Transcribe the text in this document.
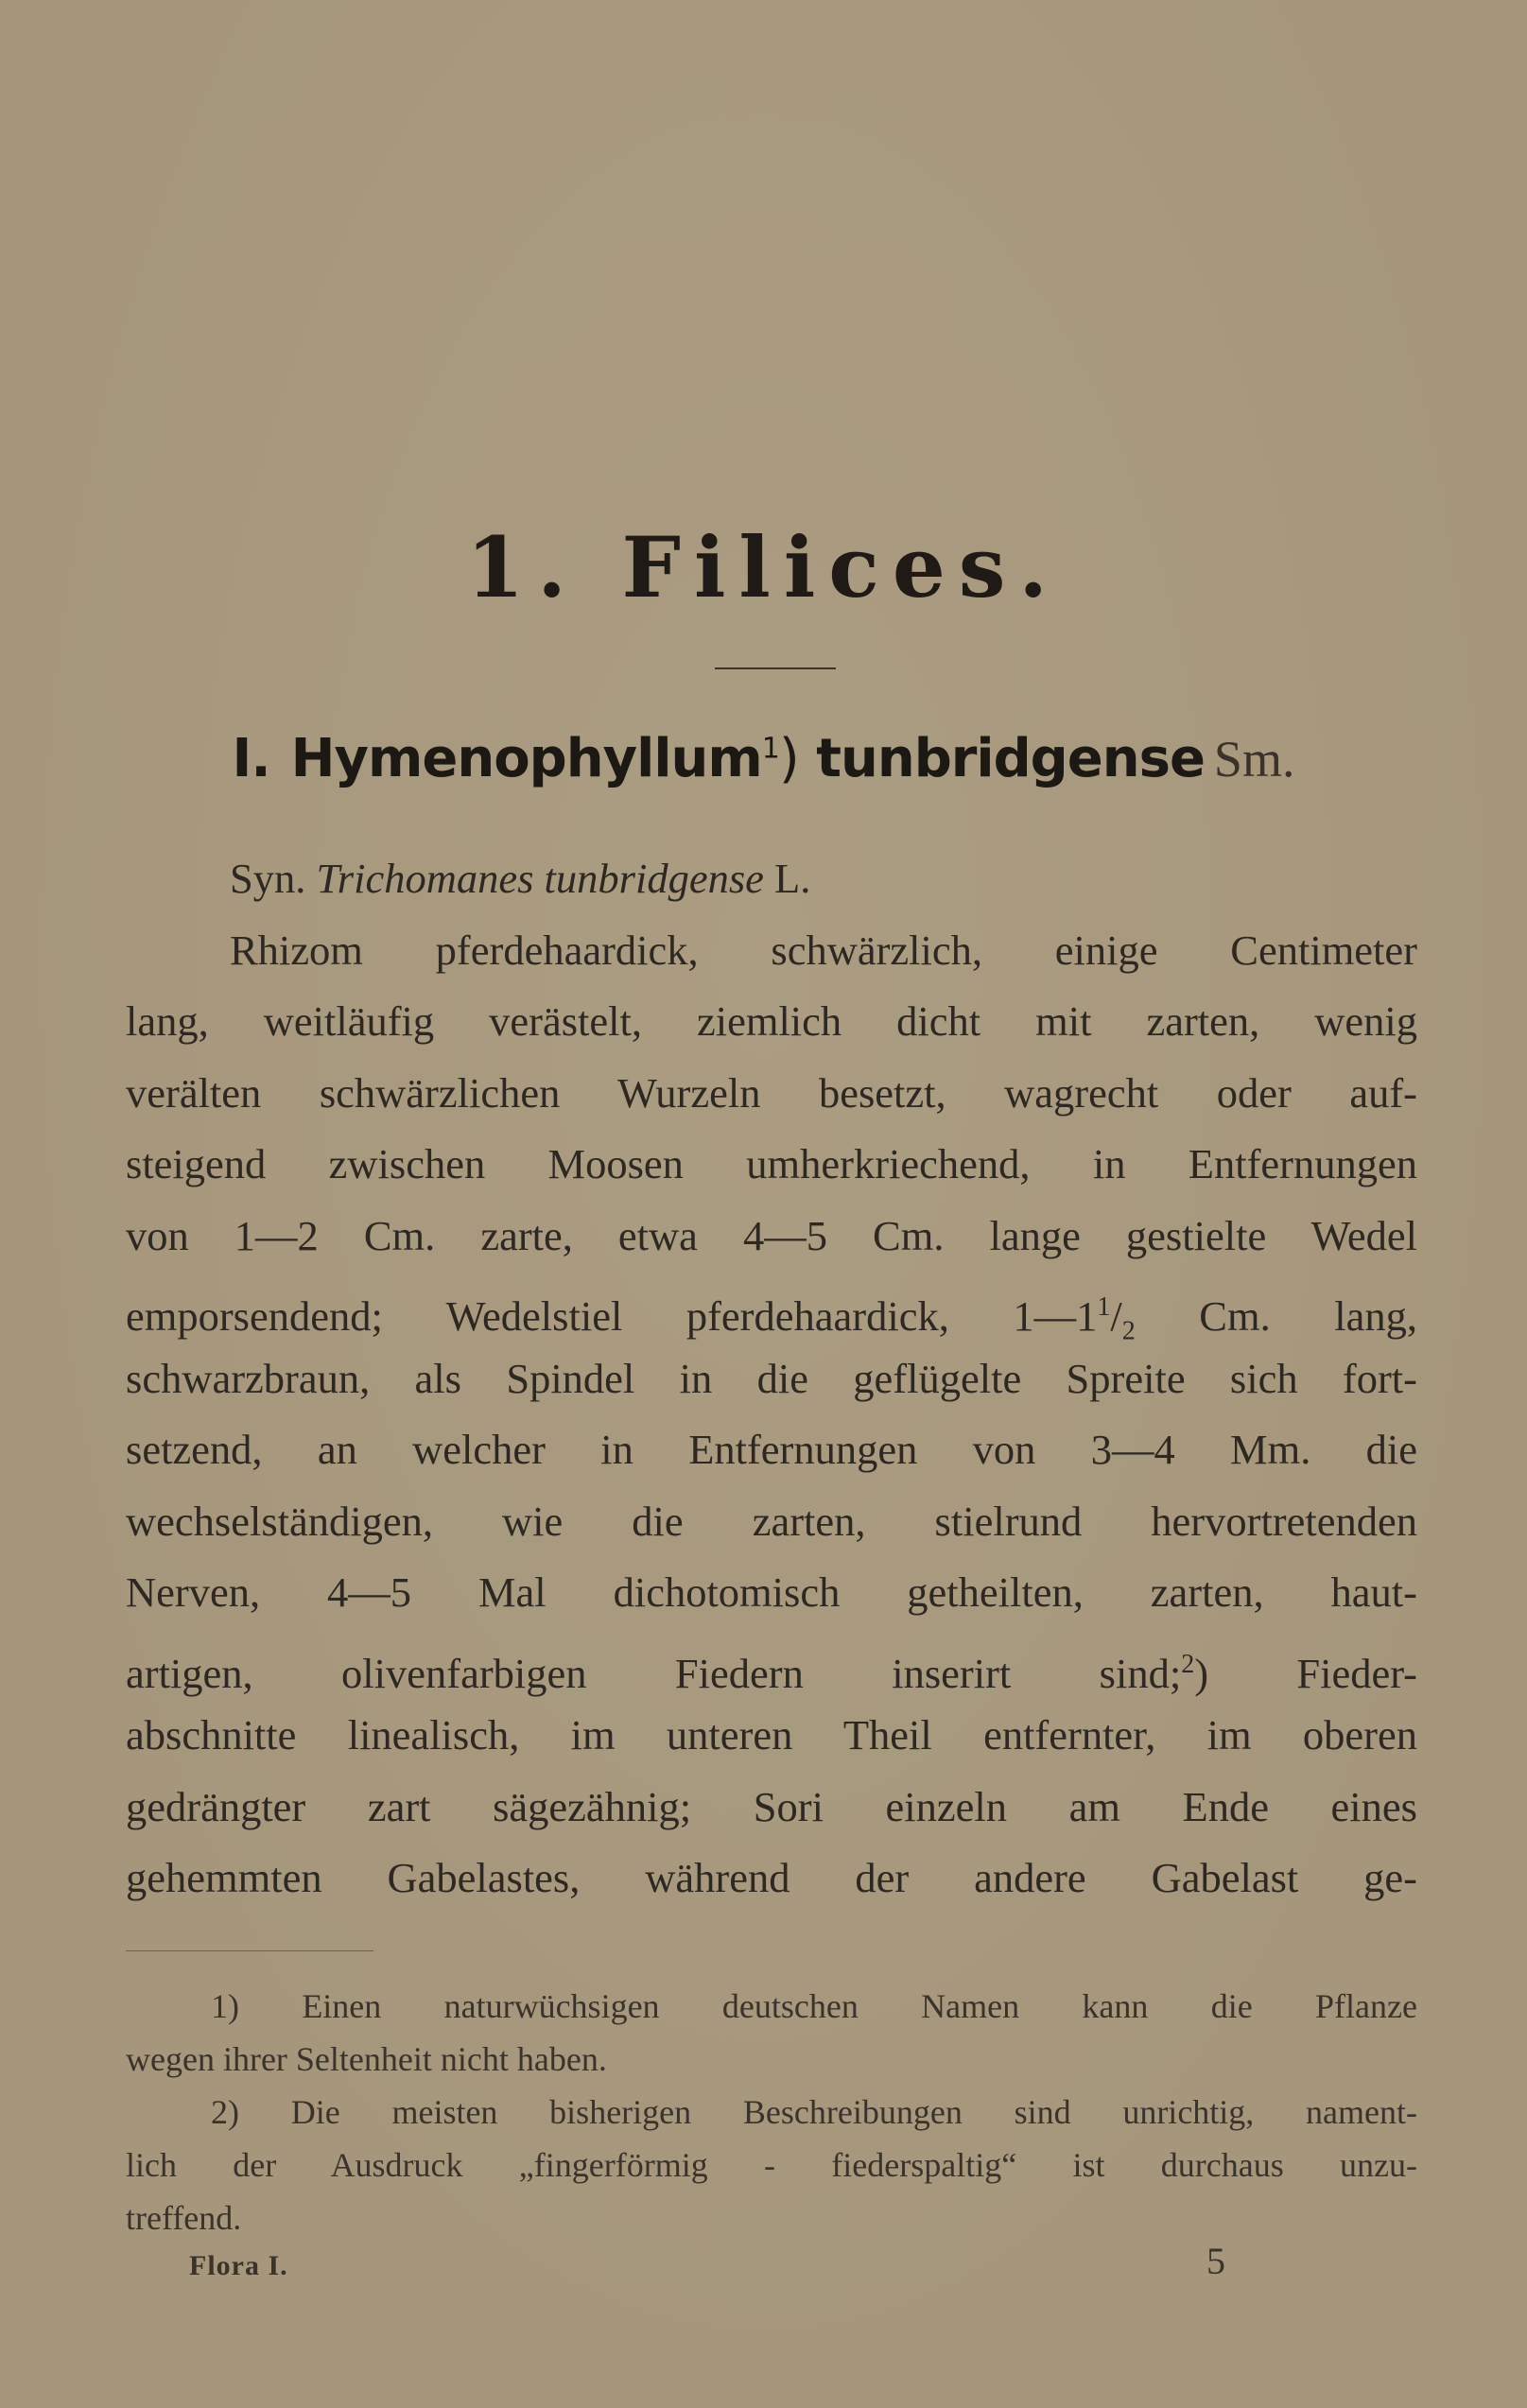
1. Filices.
I. Hymenophyllum$^1$) tunbridgense Sm.
Syn. Trichomanes tunbridgense L.
Rhizom pferdehaardick, schwärzlich, einige Centimeter
lang, weitläufig verästelt, ziemlich dicht mit zarten, wenig
verälten schwärzlichen Wurzeln besetzt, wagrecht oder auf-
steigend zwischen Moosen umherkriechend, in Entfernungen
von 1—2 Cm. zarte, etwa 4—5 Cm. lange gestielte Wedel
emporsendend; Wedelstiel pferdehaardick, $1—1^1/_2$ Cm. lang,
schwarzbraun, als Spindel in die geflügelte Spreite sich fort-
setzend, an welcher in Entfernungen von 3—4 Mm. die
wechselständigen, wie die zarten, stielrund hervortretenden
Nerven, 4—5 Mal dichotomisch getheilten, zarten, haut-
artigen, olivenfarbigen Fiedern inserirt sind;$^2$) Fieder-
abschnitte linealisch, im unteren Theil entfernter, im oberen
gedrängter zart sägezähnig; Sori einzeln am Ende eines
gehemmten Gabelastes, während der andere Gabelast ge-
1) Einen naturwüchsigen deutschen Namen kann die Pflanze
wegen ihrer Seltenheit nicht haben.
2) Die meisten bisherigen Beschreibungen sind unrichtig, nament-
lich der Ausdruck „fingerförmig - fiederspaltig“ ist durchaus unzu-
treffend.
Flora I.	5
